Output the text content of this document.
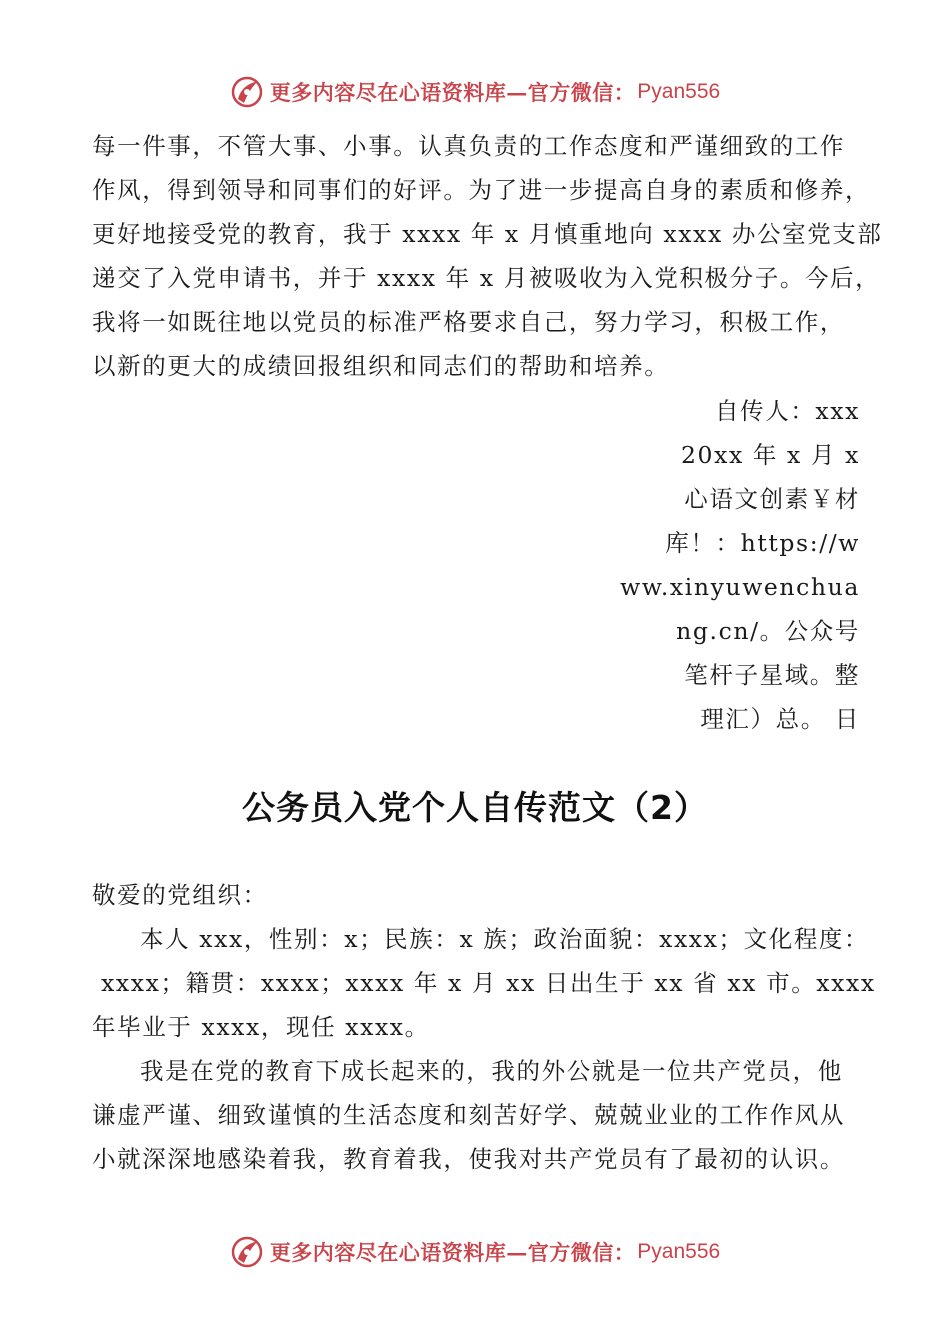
更多内容尽在心语资料库—官方微信： Pyan556
每一件事，不管大事、小事。认真负责的工作态度和严谨细致的工作
作风，得到领导和同事们的好评。为了进一步提高自身的素质和修养，
更好地接受党的教育，我于 xxxx 年 x 月慎重地向 xxxx 办公室党支部
递交了入党申请书，并于 xxxx 年 x 月被吸收为入党积极分子。今后，
我将一如既往地以党员的标准严格要求自己，努力学习，积极工作，
以新的更大的成绩回报组织和同志们的帮助和培养。
自传人：xxx
20xx 年 x 月 x
心语文创素￥材
库！：https://w
ww.xinyuwenchua
ng.cn/。公众号
笔杆子星域。整
理汇）总。 日
公务员入党个人自传范文（2）
敬爱的党组织：
本人 xxx，性别：x；民族：x 族；政治面貌：xxxx；文化程度：
xxxx；籍贯：xxxx；xxxx 年 x 月 xx 日出生于 xx 省 xx 市。xxxx
年毕业于 xxxx，现任 xxxx。
我是在党的教育下成长起来的，我的外公就是一位共产党员，他
谦虚严谨、细致谨慎的生活态度和刻苦好学、兢兢业业的工作作风从
小就深深地感染着我，教育着我，使我对共产党员有了最初的认识。
更多内容尽在心语资料库—官方微信： Pyan556
